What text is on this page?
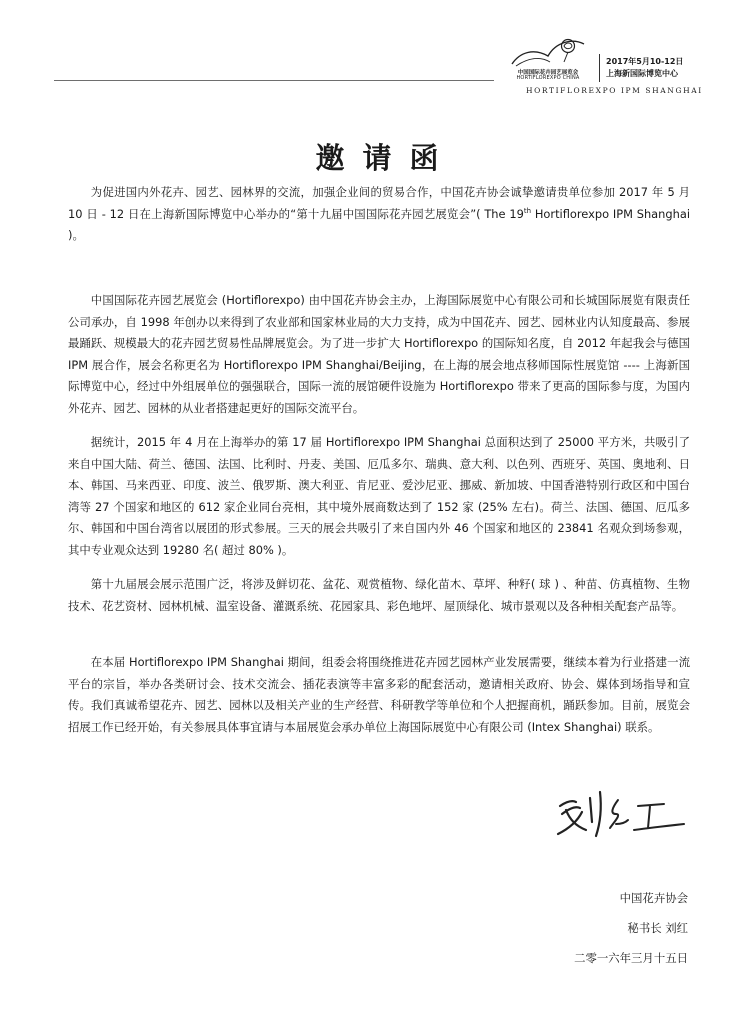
中国国际花卉园艺展览会
HORTIFLOREXPO CHINA
2017年5月10-12日
上海新国际博览中心
HORTIFLOREXPO IPM SHANGHAI
邀请函

为促进国内外花卉、园艺、园林界的交流，加强企业间的贸易合作，中国花卉协会诚挚邀请贵单位参加 2017 年 5 月 10 日 - 12 日在上海新国际博览中心举办的“第十九届中国国际花卉园艺展览会”( The 19th Hortiflorexpo IPM Shanghai )。

中国国际花卉园艺展览会 (Hortiflorexpo) 由中国花卉协会主办，上海国际展览中心有限公司和长城国际展览有限责任公司承办，自 1998 年创办以来得到了农业部和国家林业局的大力支持，成为中国花卉、园艺、园林业内认知度最高、参展最踊跃、规模最大的花卉园艺贸易性品牌展览会。为了进一步扩大 Hortiflorexpo 的国际知名度，自 2012 年起我会与德国 IPM 展合作，展会名称更名为 Hortiflorexpo IPM Shanghai/Beijing，在上海的展会地点移师国际性展览馆 ---- 上海新国际博览中心，经过中外组展单位的强强联合，国际一流的展馆硬件设施为 Hortiflorexpo 带来了更高的国际参与度，为国内外花卉、园艺、园林的从业者搭建起更好的国际交流平台。

据统计，2015 年 4 月在上海举办的第 17 届 Hortiflorexpo IPM Shanghai 总面积达到了 25000 平方米，共吸引了来自中国大陆、荷兰、德国、法国、比利时、丹麦、美国、厄瓜多尔、瑞典、意大利、以色列、西班牙、英国、奥地利、日本、韩国、马来西亚、印度、波兰、俄罗斯、澳大利亚、肯尼亚、爱沙尼亚、挪威、新加坡、中国香港特别行政区和中国台湾等 27 个国家和地区的 612 家企业同台亮相，其中境外展商数达到了 152 家 (25% 左右)。荷兰、法国、德国、厄瓜多尔、韩国和中国台湾省以展团的形式参展。三天的展会共吸引了来自国内外 46 个国家和地区的 23841 名观众到场参观，其中专业观众达到 19280 名( 超过 80% )。

第十九届展会展示范围广泛，将涉及鲜切花、盆花、观赏植物、绿化苗木、草坪、种籽( 球 ) 、种苗、仿真植物、生物技术、花艺资材、园林机械、温室设备、灌溉系统、花园家具、彩色地坪、屋顶绿化、城市景观以及各种相关配套产品等。

在本届 Hortiflorexpo IPM Shanghai 期间，组委会将围绕推进花卉园艺园林产业发展需要，继续本着为行业搭建一流平台的宗旨，举办各类研讨会、技术交流会、插花表演等丰富多彩的配套活动，邀请相关政府、协会、媒体到场指导和宣传。我们真诚希望花卉、园艺、园林以及相关产业的生产经营、科研教学等单位和个人把握商机，踊跃参加。目前，展览会招展工作已经开始，有关参展具体事宜请与本届展览会承办单位上海国际展览中心有限公司 (Intex Shanghai) 联系。

中国花卉协会
秘书长 刘红
二零一六年三月十五日
